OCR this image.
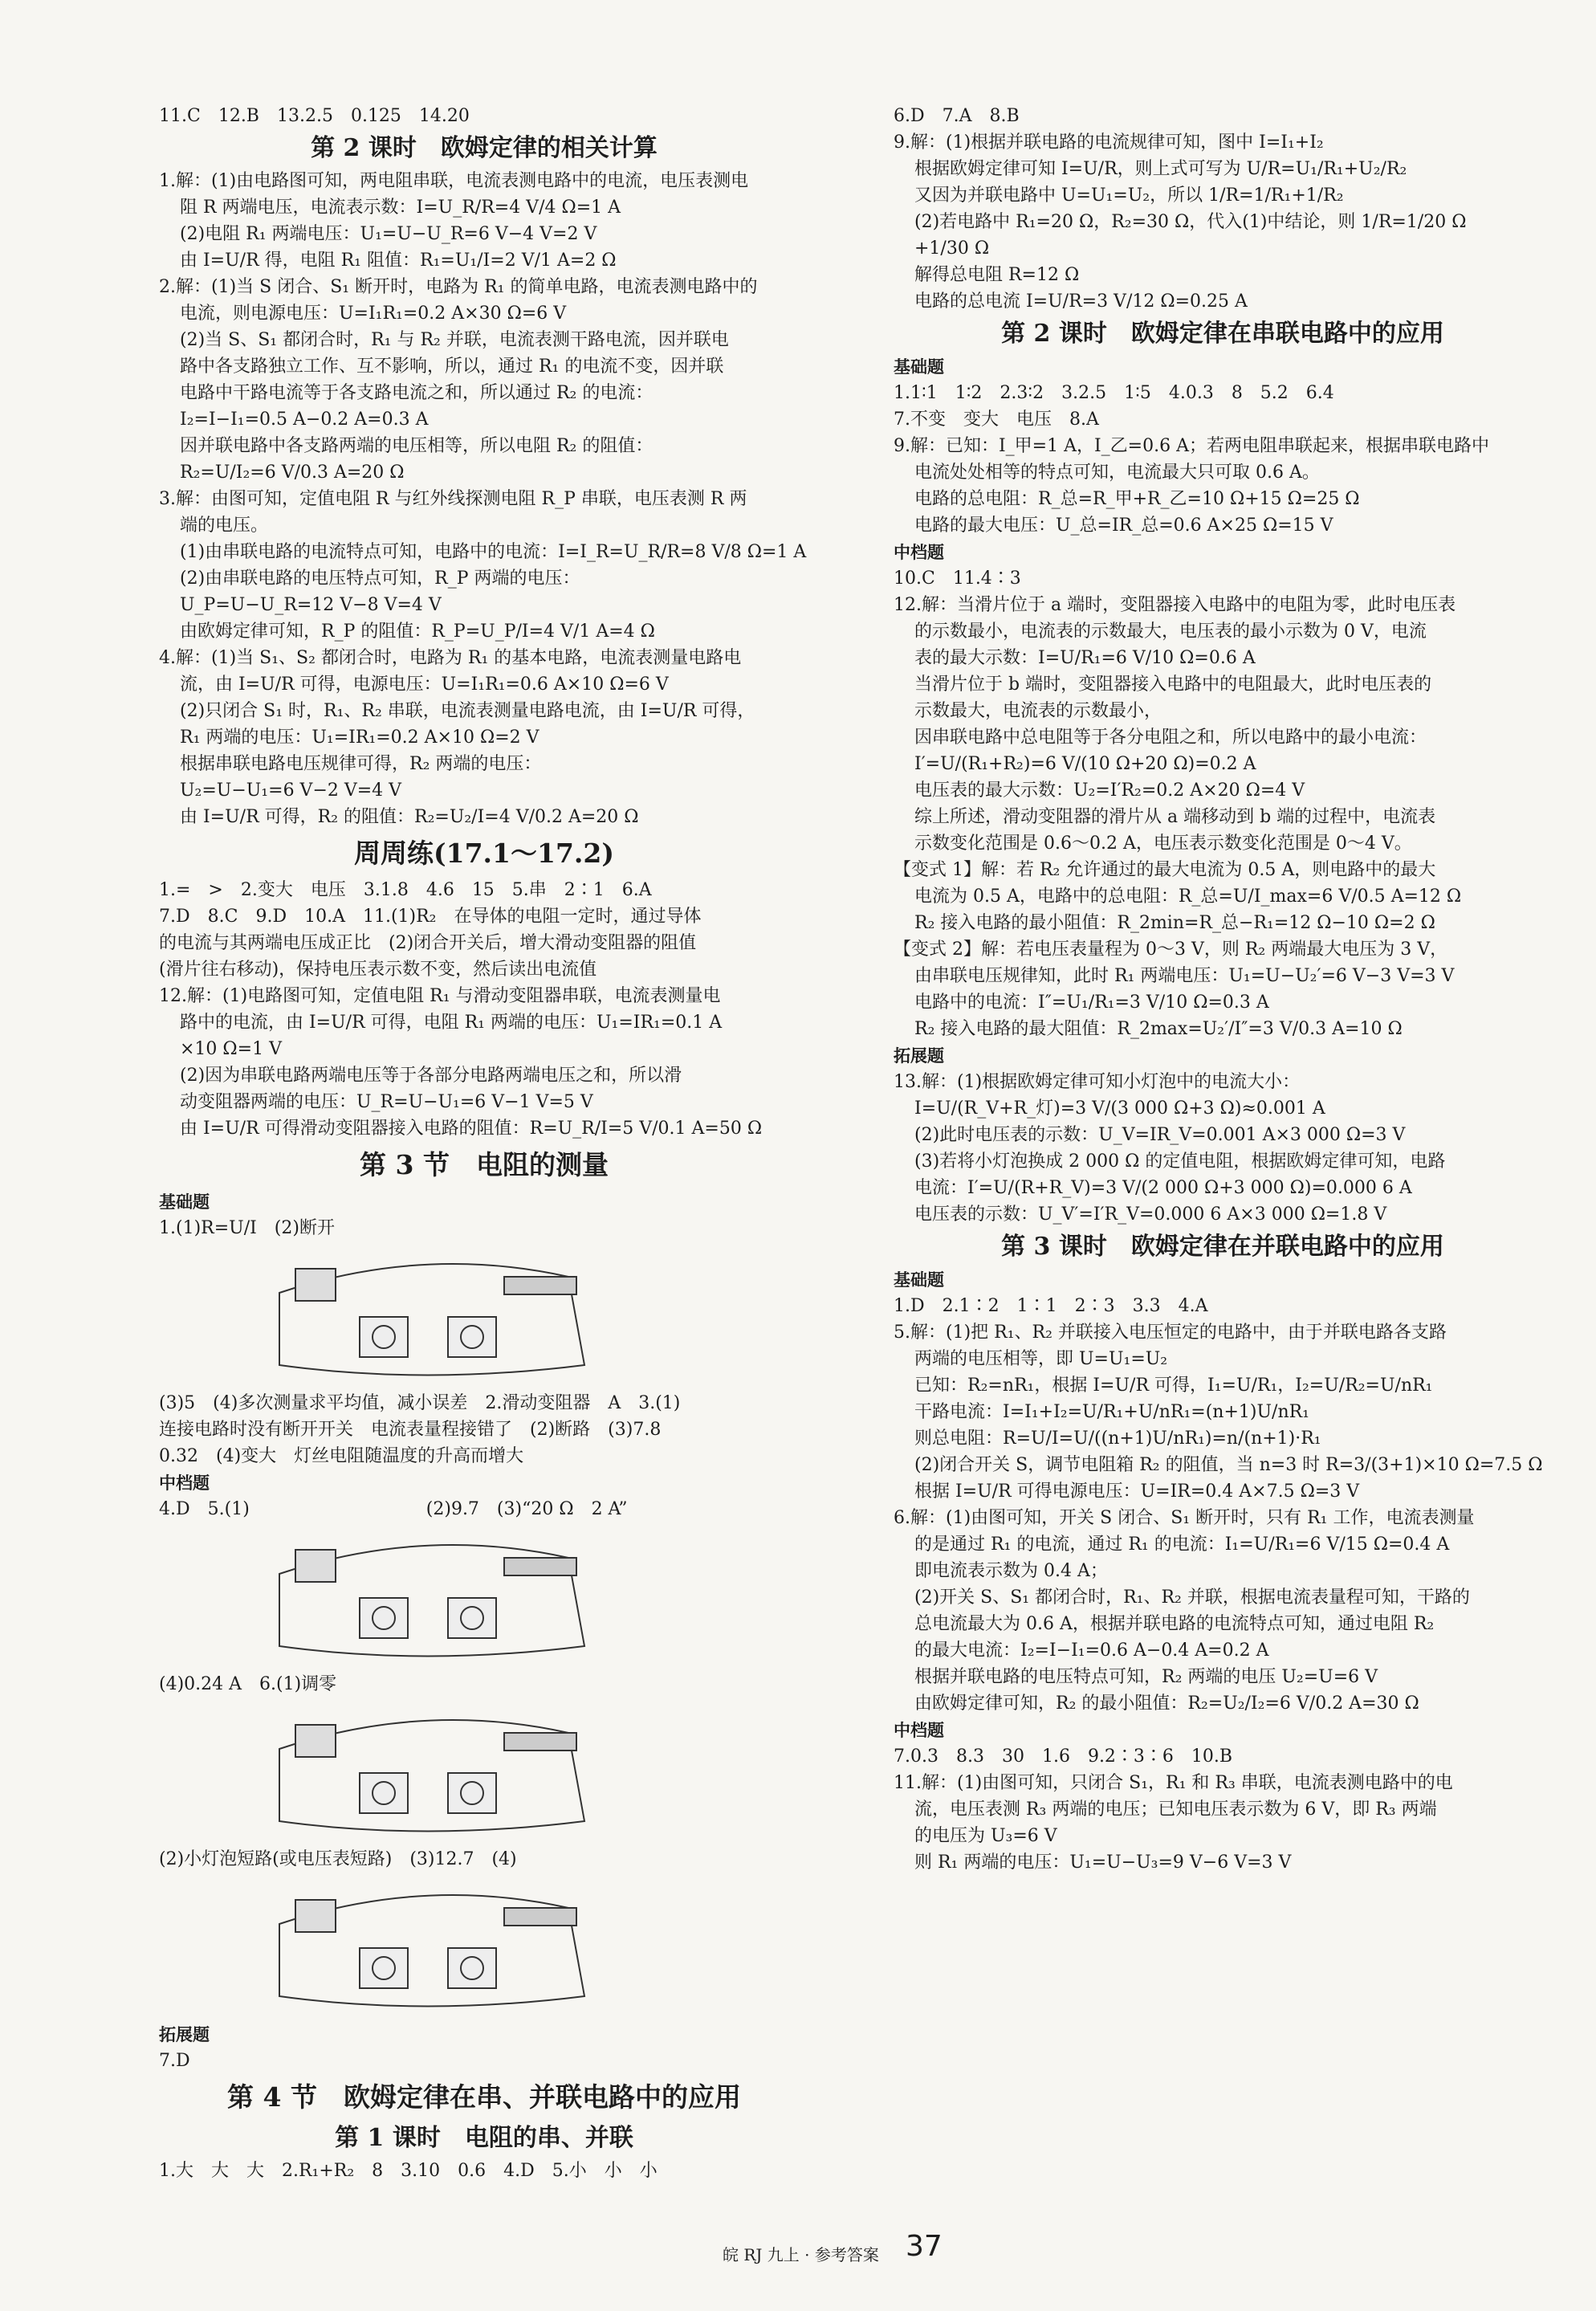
11.C　12.B　13.2.5　0.125　14.20
第 2 课时　欧姆定律的相关计算
1.解：(1)由电路图可知，两电阻串联，电流表测电路中的电流，电压表测电
阻 R 两端电压，电流表示数：I=U_R/R=4 V/4 Ω=1 A
(2)电阻 R₁ 两端电压：U₁=U−U_R=6 V−4 V=2 V
由 I=U/R 得，电阻 R₁ 阻值：R₁=U₁/I=2 V/1 A=2 Ω
2.解：(1)当 S 闭合、S₁ 断开时，电路为 R₁ 的简单电路，电流表测电路中的
电流，则电源电压：U=I₁R₁=0.2 A×30 Ω=6 V
(2)当 S、S₁ 都闭合时，R₁ 与 R₂ 并联，电流表测干路电流，因并联电
路中各支路独立工作、互不影响，所以，通过 R₁ 的电流不变，因并联
电路中干路电流等于各支路电流之和，所以通过 R₂ 的电流：
I₂=I−I₁=0.5 A−0.2 A=0.3 A
因并联电路中各支路两端的电压相等，所以电阻 R₂ 的阻值：
R₂=U/I₂=6 V/0.3 A=20 Ω
3.解：由图可知，定值电阻 R 与红外线探测电阻 R_P 串联，电压表测 R 两
端的电压。
(1)由串联电路的电流特点可知，电路中的电流：I=I_R=U_R/R=8 V/8 Ω=1 A
(2)由串联电路的电压特点可知，R_P 两端的电压：
U_P=U−U_R=12 V−8 V=4 V
由欧姆定律可知，R_P 的阻值：R_P=U_P/I=4 V/1 A=4 Ω
4.解：(1)当 S₁、S₂ 都闭合时，电路为 R₁ 的基本电路，电流表测量电路电
流，由 I=U/R 可得，电源电压：U=I₁R₁=0.6 A×10 Ω=6 V
(2)只闭合 S₁ 时，R₁、R₂ 串联，电流表测量电路电流，由 I=U/R 可得，
R₁ 两端的电压：U₁=IR₁=0.2 A×10 Ω=2 V
根据串联电路电压规律可得，R₂ 两端的电压：
U₂=U−U₁=6 V−2 V=4 V
由 I=U/R 可得，R₂ 的阻值：R₂=U₂/I=4 V/0.2 A=20 Ω
周周练(17.1～17.2)
1.=　>　2.变大　电压　3.1.8　4.6　15　5.串　2∶1　6.A
7.D　8.C　9.D　10.A　11.(1)R₂　在导体的电阻一定时，通过导体
的电流与其两端电压成正比　(2)闭合开关后，增大滑动变阻器的阻值
(滑片往右移动)，保持电压表示数不变，然后读出电流值
12.解：(1)电路图可知，定值电阻 R₁ 与滑动变阻器串联，电流表测量电
路中的电流，由 I=U/R 可得，电阻 R₁ 两端的电压：U₁=IR₁=0.1 A
×10 Ω=1 V
(2)因为串联电路两端电压等于各部分电路两端电压之和，所以滑
动变阻器两端的电压：U_R=U−U₁=6 V−1 V=5 V
由 I=U/R 可得滑动变阻器接入电路的阻值：R=U_R/I=5 V/0.1 A=50 Ω
第 3 节　电阻的测量
基础题
1.(1)R=U/I　(2)断开
(3)5　(4)多次测量求平均值，减小误差　2.滑动变阻器　A　3.(1)
连接电路时没有断开开关　电流表量程接错了　(2)断路　(3)7.8
0.32　(4)变大　灯丝电阻随温度的升高而增大
中档题
4.D　5.(1)　　　　　　　　　　(2)9.7　(3)“20 Ω　2 A”
(4)0.24 A　6.(1)调零
(2)小灯泡短路(或电压表短路)　(3)12.7　(4)
拓展题
7.D
第 4 节　欧姆定律在串、并联电路中的应用
第 1 课时　电阻的串、并联
1.大　大　大　2.R₁+R₂　8　3.10　0.6　4.D　5.小　小　小
6.D　7.A　8.B
9.解：(1)根据并联电路的电流规律可知，图中 I=I₁+I₂
根据欧姆定律可知 I=U/R，则上式可写为 U/R=U₁/R₁+U₂/R₂
又因为并联电路中 U=U₁=U₂，所以 1/R=1/R₁+1/R₂
(2)若电路中 R₁=20 Ω，R₂=30 Ω，代入(1)中结论，则 1/R=1/20 Ω
+1/30 Ω
解得总电阻 R=12 Ω
电路的总电流 I=U/R=3 V/12 Ω=0.25 A
第 2 课时　欧姆定律在串联电路中的应用
基础题
1.1∶1　1∶2　2.3∶2　3.2.5　1∶5　4.0.3　8　5.2　6.4
7.不变　变大　电压　8.A
9.解：已知：I_甲=1 A，I_乙=0.6 A；若两电阻串联起来，根据串联电路中
电流处处相等的特点可知，电流最大只可取 0.6 A。
电路的总电阻：R_总=R_甲+R_乙=10 Ω+15 Ω=25 Ω
电路的最大电压：U_总=IR_总=0.6 A×25 Ω=15 V
中档题
10.C　11.4∶3
12.解：当滑片位于 a 端时，变阻器接入电路中的电阻为零，此时电压表
的示数最小，电流表的示数最大，电压表的最小示数为 0 V，电流
表的最大示数：I=U/R₁=6 V/10 Ω=0.6 A
当滑片位于 b 端时，变阻器接入电路中的电阻最大，此时电压表的
示数最大，电流表的示数最小，
因串联电路中总电阻等于各分电阻之和，所以电路中的最小电流：
I′=U/(R₁+R₂)=6 V/(10 Ω+20 Ω)=0.2 A
电压表的最大示数：U₂=I′R₂=0.2 A×20 Ω=4 V
综上所述，滑动变阻器的滑片从 a 端移动到 b 端的过程中，电流表
示数变化范围是 0.6～0.2 A，电压表示数变化范围是 0～4 V。
【变式 1】解：若 R₂ 允许通过的最大电流为 0.5 A，则电路中的最大
电流为 0.5 A，电路中的总电阻：R_总=U/I_max=6 V/0.5 A=12 Ω
R₂ 接入电路的最小阻值：R_2min=R_总−R₁=12 Ω−10 Ω=2 Ω
【变式 2】解：若电压表量程为 0～3 V，则 R₂ 两端最大电压为 3 V，
由串联电压规律知，此时 R₁ 两端电压：U₁=U−U₂′=6 V−3 V=3 V
电路中的电流：I″=U₁/R₁=3 V/10 Ω=0.3 A
R₂ 接入电路的最大阻值：R_2max=U₂′/I″=3 V/0.3 A=10 Ω
拓展题
13.解：(1)根据欧姆定律可知小灯泡中的电流大小：
I=U/(R_V+R_灯)=3 V/(3 000 Ω+3 Ω)≈0.001 A
(2)此时电压表的示数：U_V=IR_V=0.001 A×3 000 Ω=3 V
(3)若将小灯泡换成 2 000 Ω 的定值电阻，根据欧姆定律可知，电路
电流：I′=U/(R+R_V)=3 V/(2 000 Ω+3 000 Ω)=0.000 6 A
电压表的示数：U_V′=I′R_V=0.000 6 A×3 000 Ω=1.8 V
第 3 课时　欧姆定律在并联电路中的应用
基础题
1.D　2.1∶2　1∶1　2∶3　3.3　4.A
5.解：(1)把 R₁、R₂ 并联接入电压恒定的电路中，由于并联电路各支路
两端的电压相等，即 U=U₁=U₂
已知：R₂=nR₁，根据 I=U/R 可得，I₁=U/R₁，I₂=U/R₂=U/nR₁
干路电流：I=I₁+I₂=U/R₁+U/nR₁=(n+1)U/nR₁
则总电阻：R=U/I=U/((n+1)U/nR₁)=n/(n+1)·R₁
(2)闭合开关 S，调节电阻箱 R₂ 的阻值，当 n=3 时 R=3/(3+1)×10 Ω=7.5 Ω
根据 I=U/R 可得电源电压：U=IR=0.4 A×7.5 Ω=3 V
6.解：(1)由图可知，开关 S 闭合、S₁ 断开时，只有 R₁ 工作，电流表测量
的是通过 R₁ 的电流，通过 R₁ 的电流：I₁=U/R₁=6 V/15 Ω=0.4 A
即电流表示数为 0.4 A；
(2)开关 S、S₁ 都闭合时，R₁、R₂ 并联，根据电流表量程可知，干路的
总电流最大为 0.6 A，根据并联电路的电流特点可知，通过电阻 R₂
的最大电流：I₂=I−I₁=0.6 A−0.4 A=0.2 A
根据并联电路的电压特点可知，R₂ 两端的电压 U₂=U=6 V
由欧姆定律可知，R₂ 的最小阻值：R₂=U₂/I₂=6 V/0.2 A=30 Ω
中档题
7.0.3　8.3　30　1.6　9.2∶3∶6　10.B
11.解：(1)由图可知，只闭合 S₁，R₁ 和 R₃ 串联，电流表测电路中的电
流，电压表测 R₃ 两端的电压；已知电压表示数为 6 V，即 R₃ 两端
的电压为 U₃=6 V
则 R₁ 两端的电压：U₁=U−U₃=9 V−6 V=3 V
皖 RJ 九上 · 参考答案 37
